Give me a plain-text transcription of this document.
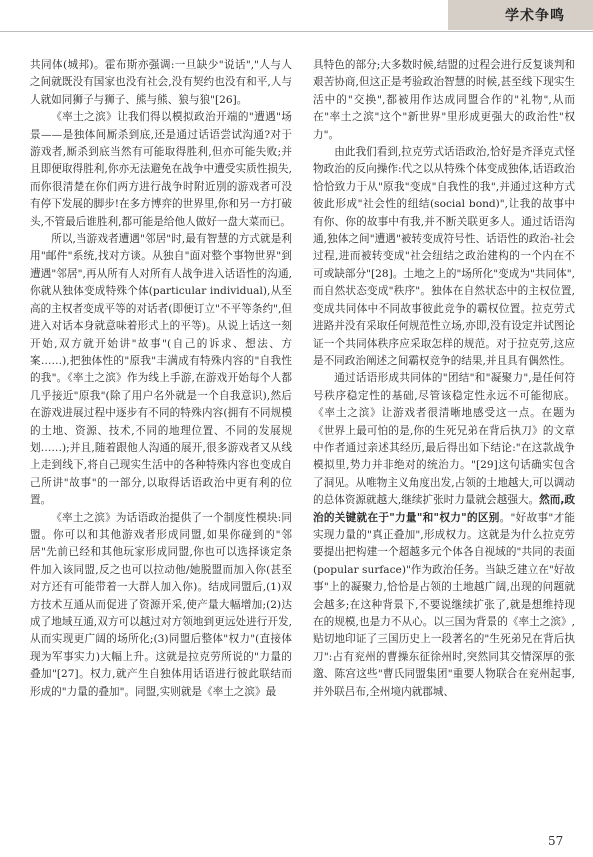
学术争鸣

共同体(城邦)。霍布斯亦强调:一旦缺少"说话","人与人之间就既没有国家也没有社会,没有契约也没有和平,人与人就如同狮子与狮子、熊与熊、狼与狼"[26]。

《率土之滨》让我们得以模拟政治开端的"遭遇"场景——是独体间厮杀到底,还是通过话语尝试沟通?对于游戏者,厮杀到底当然有可能取得胜利,但亦可能失败;并且即便取得胜利,你亦无法避免在战争中遭受实质性损失,而你很清楚在你们两方进行战争时附近別的游戏者可没有停下发展的脚步!在多方博弈的世界里,你和另一方打破头,不管最后谁胜利,都可能是给他人做好一盘大菜而已。

所以,当游戏者遭遇"邻居"时,最有智慧的方式就是利用"邮件"系统,找对方谈。从独自"面对整个事物世界"到遭遇"邻居",再从所有人对所有人战争进入话语性的沟通,你就从独体变成特殊个体(particular individual),从至高的主权者变成平等的对话者(即便订立"不平等条约",但进入对话本身就意味着形式上的平等)。从说上话这一刻开始,双方就开始讲"故事"(自己的诉求、想法、方案……),把独体性的"原我"丰满成有特殊内容的"自我性的我"。《率土之滨》作为线上手游,在游戏开始每个人都几乎接近"原我"(除了用户名外就是一个自我意识),然后在游戏进展过程中逐步有不同的特殊内容(拥有不同规模的土地、资源、技术,不同的地理位置、不同的发展规划……);并且,随着跟他人沟通的展开,很多游戏者又从线上走到线下,将自己现实生活中的各种特殊内容也变成自己所讲"故事"的一部分,以取得话语政治中更有利的位置。

《率土之滨》为话语政治提供了一个制度性模块:同盟。你可以和其他游戏者形成同盟,如果你碰到的"邻居"先前已经和其他玩家形成同盟,你也可以选择谈定条件加入该同盟,反之也可以拉动他/她脱盟而加入你(甚至对方还有可能带着一大群人加入你)。结成同盟后,(1)双方技术互通从而促进了资源开采,使产量大幅增加;(2)达成了地域互通,双方可以越过对方领地到更远处进行开发,从而实现更广阔的场所化;(3)同盟后整体"权力"(直接体现为军事实力)大幅上升。这就是拉克劳所说的"力量的叠加"[27]。权力,就产生自独体用话语进行彼此联结而形成的"力量的叠加"。同盟,实则就是《率土之滨》最

具特色的部分;大多数时候,结盟的过程会进行反复谈判和艰苦协商,但这正是考验政治智慧的时候,甚至线下现实生活中的"交换",都被用作达成同盟合作的"礼物",从而在"率土之滨"这个"新世界"里形成更强大的政治性"权力"。

由此我们看到,拉克劳式话语政治,恰好是齐泽克式怪物政治的反向操作:代之以从特殊个体变成独体,话语政治恰恰致力于从"原我"变成"自我性的我",并通过这种方式彼此形成"社会性的纽结(social bond)",让我的故事中有你、你的故事中有我,并不断关联更多人。通过话语沟通,独体之间"遭遇"被转变成符号性、话语性的政治-社会过程,进而被转变成"社会纽结之政治建构的一个内在不可或缺部分"[28]。土地之上的"场所化"变成为"共同体",而自然状态变成"秩序"。独体在自然状态中的主权位置,变成共同体中不同故事彼此竞争的霸权位置。拉克劳式进路并没有采取任何规范性立场,亦即,没有设定并试图论证一个共同体秩序应采取怎样的规范。对于拉克劳,这应是不同政治阐述之间霸权竞争的结果,并且具有偶然性。

通过话语形成共同体的"团结"和"凝聚力",是任何符号秩序稳定性的基础,尽管该稳定性永远不可能彻底。《率土之滨》让游戏者很清晰地感受这一点。在题为《世界上最可怕的是,你的生死兄弟在背后执刀》的文章中作者通过亲述其经历,最后得出如下结论:"在这款战争模拟里,势力并非绝对的统治力。"[29]这句话确实包含了洞见。从唯物主义角度出发,占领的土地越大,可以调动的总体资源就越大,继续扩张时力量就会越强大。然而,政治的关键就在于"力量"和"权力"的区别。"好故事"才能实现力量的"真正叠加",形成权力。这就是为什么拉克劳要提出把构建一个超越多元个体各自视域的"共同的表面(popular surface)"作为政治任务。当缺乏建立在"好故事"上的凝聚力,恰恰是占领的土地越广阔,出现的问题就会越多;在这种背景下,不要说继续扩张了,就是想维持现在的规模,也是力不从心。以三国为背景的《率土之滨》,贴切地印证了三国历史上一段著名的"生死弟兄在背后执刀":占有兖州的曹操东征徐州时,突然同其交情深厚的张邈、陈宫这些"曹氏同盟集团"重要人物联合在兖州起事,并外联吕布,全州境内就郡城、

57
